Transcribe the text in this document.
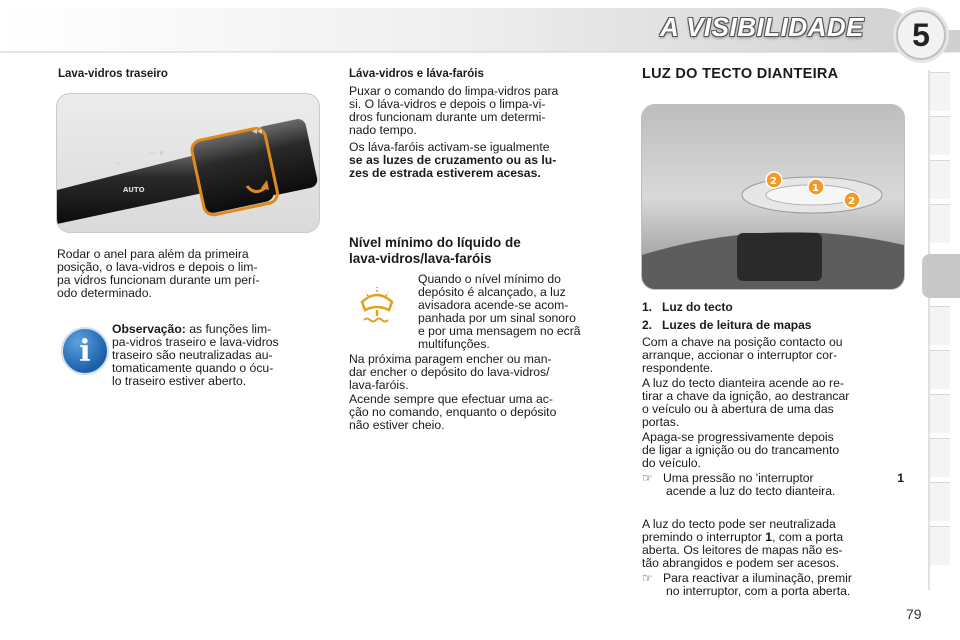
A VISIBILIDADE	5
Lava-vidros traseiro
⌁
⎓ ▾
◂◂
AUTO
Rodar o anel para além da primeira
posição, o lava-vidros e depois o lim-
pa vidros funcionam durante um perí-
odo determinado.
i
Observação: as funções lim-
pa-vidros traseiro e lava-vidros
traseiro são neutralizadas au-
tomaticamente quando o ócu-
lo traseiro estiver aberto.
Láva-vidros e láva-faróis
Puxar o comando do limpa-vidros para
si. O láva-vidros e depois o limpa-vi-
dros funcionam durante um determi-
nado tempo.
Os láva-faróis activam-se igualmente
se as luzes de cruzamento ou as lu-
zes de estrada estiverem acesas.
Nível mínimo do líquido de
lava-vidros/lava-faróis
Quando o nível mínimo do
depósito é alcançado, a luz
avisadora acende-se acom-
panhada por um sinal sonoro
e por uma mensagem no ecrã
multifunções.
Na próxima paragem encher ou man-
dar encher o depósito do lava-vidros/
lava-faróis.
Acende sempre que efectuar uma ac-
ção no comando, enquanto o depósito
não estiver cheio.
LUZ DO TECTO DIANTEIRA
2
1
2
1. Luz do tecto
2. Luzes de leitura de mapas
Com a chave na posição contacto ou
arranque, accionar o interruptor cor-
respondente.
A luz do tecto dianteira acende ao re-
tirar a chave da ignição, ao destrancar
o veículo ou à abertura de uma das
portas.
Apaga-se progressivamente depois
de ligar a ignição ou do trancamento
do veículo.
☞ Uma pressão no 'interruptor	1
acende a luz do tecto dianteira.
A luz do tecto pode ser neutralizada
premindo o interruptor 1, com a porta
aberta. Os leitores de mapas não es-
tão abrangidos e podem ser acesos.
☞ Para reactivar a iluminação, premir
no interruptor, com a porta aberta.
79
